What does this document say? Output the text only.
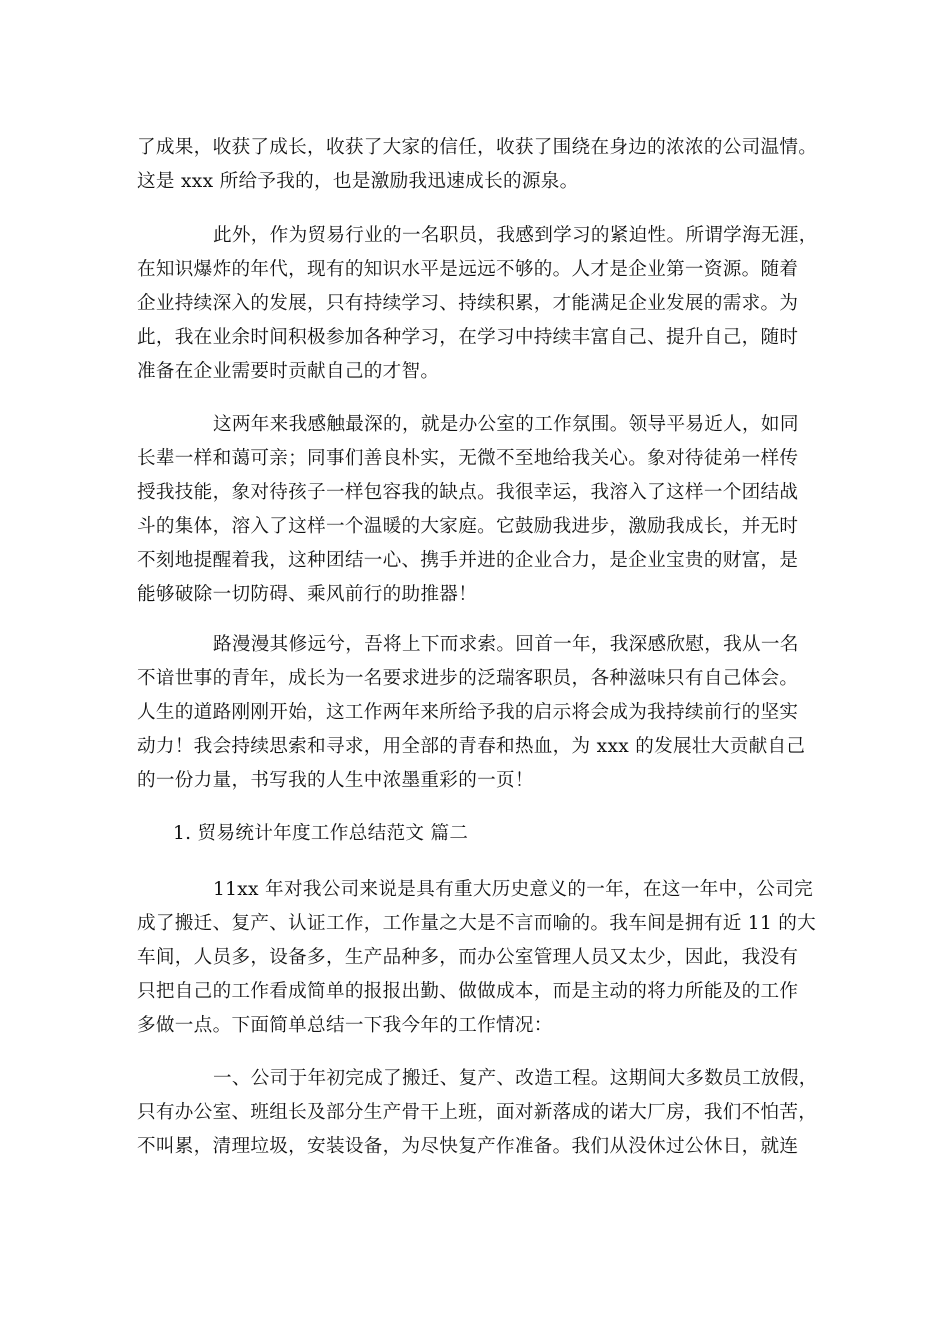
了成果，收获了成长，收获了大家的信任，收获了围绕在身边的浓浓的公司温情。
这是 xxx 所给予我的，也是激励我迅速成长的源泉。
此外，作为贸易行业的一名职员，我感到学习的紧迫性。所谓学海无涯，
在知识爆炸的年代，现有的知识水平是远远不够的。人才是企业第一资源。随着
企业持续深入的发展，只有持续学习、持续积累，才能满足企业发展的需求。为
此，我在业余时间积极参加各种学习，在学习中持续丰富自己、提升自己，随时
准备在企业需要时贡献自己的才智。
这两年来我感触最深的，就是办公室的工作氛围。领导平易近人，如同
长辈一样和蔼可亲；同事们善良朴实，无微不至地给我关心。象对待徒弟一样传
授我技能，象对待孩子一样包容我的缺点。我很幸运，我溶入了这样一个团结战
斗的集体，溶入了这样一个温暖的大家庭。它鼓励我进步，激励我成长，并无时
不刻地提醒着我，这种团结一心、携手并进的企业合力，是企业宝贵的财富，是
能够破除一切防碍、乘风前行的助推器！
路漫漫其修远兮，吾将上下而求索。回首一年，我深感欣慰，我从一名
不谙世事的青年，成长为一名要求进步的泛瑞客职员，各种滋味只有自己体会。
人生的道路刚刚开始，这工作两年来所给予我的启示将会成为我持续前行的坚实
动力！我会持续思索和寻求，用全部的青春和热血，为 xxx 的发展壮大贡献自己
的一份力量，书写我的人生中浓墨重彩的一页！
1. 贸易统计年度工作总结范文 篇二
11xx 年对我公司来说是具有重大历史意义的一年，在这一年中，公司完
成了搬迁、复产、认证工作，工作量之大是不言而喻的。我车间是拥有近 11 的大
车间，人员多，设备多，生产品种多，而办公室管理人员又太少，因此，我没有
只把自己的工作看成简单的报报出勤、做做成本，而是主动的将力所能及的工作
多做一点。下面简单总结一下我今年的工作情况：
一、公司于年初完成了搬迁、复产、改造工程。这期间大多数员工放假，
只有办公室、班组长及部分生产骨干上班，面对新落成的诺大厂房，我们不怕苦，
不叫累，清理垃圾，安装设备，为尽快复产作准备。我们从没休过公休日，就连
